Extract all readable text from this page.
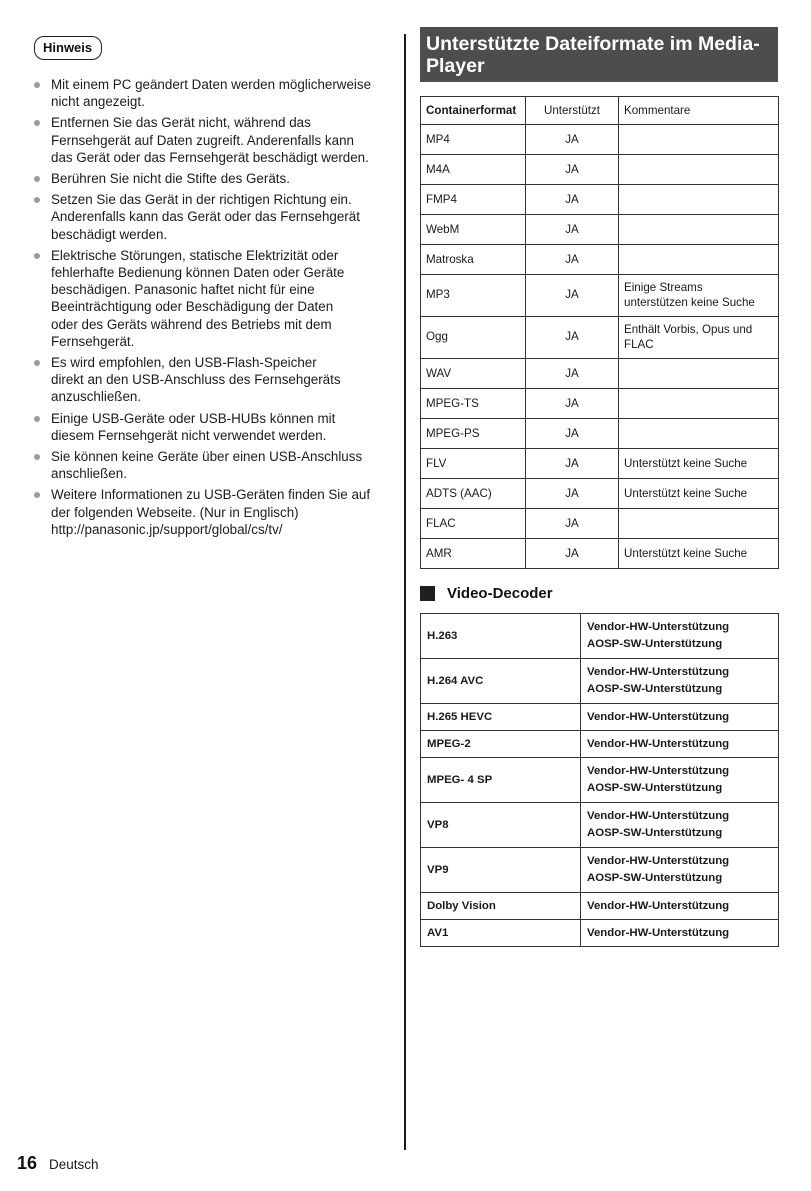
Hinweis
Mit einem PC geändert Daten werden möglicherweise
nicht angezeigt.
Entfernen Sie das Gerät nicht, während das
Fernsehgerät auf Daten zugreift. Anderenfalls kann
das Gerät oder das Fernsehgerät beschädigt werden.
Berühren Sie nicht die Stifte des Geräts.
Setzen Sie das Gerät in der richtigen Richtung ein.
Anderenfalls kann das Gerät oder das Fernsehgerät
beschädigt werden.
Elektrische Störungen, statische Elektrizität oder
fehlerhafte Bedienung können Daten oder Geräte
beschädigen. Panasonic haftet nicht für eine
Beeinträchtigung oder Beschädigung der Daten
oder des Geräts während des Betriebs mit dem
Fernsehgerät.
Es wird empfohlen, den USB-Flash-Speicher
direkt an den USB-Anschluss des Fernsehgeräts
anzuschließen.
Einige USB-Geräte oder USB-HUBs können mit
diesem Fernsehgerät nicht verwendet werden.
Sie können keine Geräte über einen USB-Anschluss
anschließen.
Weitere Informationen zu USB-Geräten finden Sie auf
der folgenden Webseite. (Nur in Englisch)
http://panasonic.jp/support/global/cs/tv/
Unterstützte Dateiformate im Media-
Player
Containerformat	Unterstützt	Kommentare
MP4	JA	
M4A	JA	
FMP4	JA	
WebM	JA	
Matroska	JA	
MP3	JA	Einige Streams
unterstützen keine Suche

Ogg	JA	Enthält Vorbis, Opus und
FLAC

WAV	JA	
MPEG-TS	JA	
MPEG-PS	JA	
FLV	JA	Unterstützt keine Suche

ADTS (AAC)	JA	Unterstützt keine Suche

FLAC	JA	
AMR	JA	Unterstützt keine Suche
Video-Decoder
H.263	Vendor-HW-Unterstützung
AOSP-SW-Unterstützung

H.264 AVC	Vendor-HW-Unterstützung
AOSP-SW-Unterstützung

H.265 HEVC	Vendor-HW-Unterstützung

MPEG-2	Vendor-HW-Unterstützung

MPEG- 4 SP	Vendor-HW-Unterstützung
AOSP-SW-Unterstützung

VP8	Vendor-HW-Unterstützung
AOSP-SW-Unterstützung

VP9	Vendor-HW-Unterstützung
AOSP-SW-Unterstützung

Dolby Vision	Vendor-HW-Unterstützung

AV1	Vendor-HW-Unterstützung
16 Deutsch
